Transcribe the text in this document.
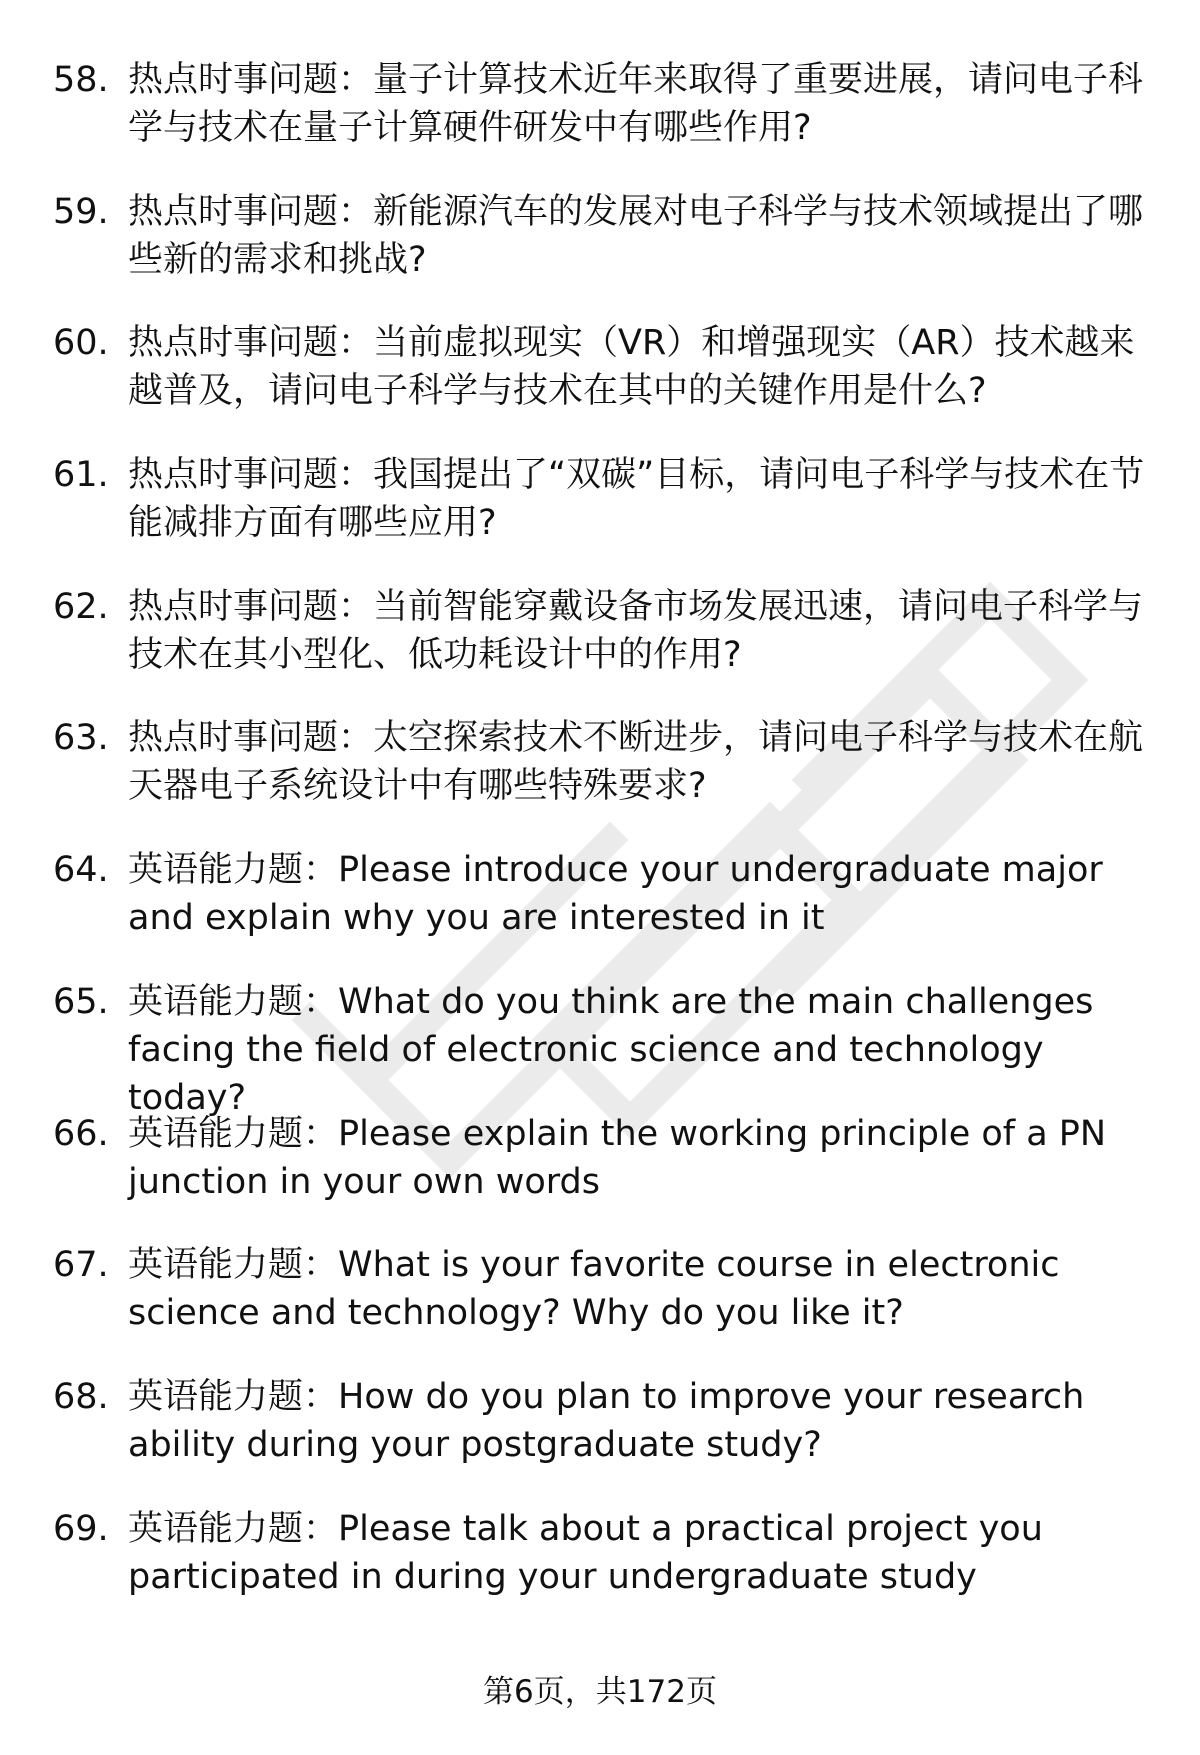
58. 热点时事问题：量子计算技术近年来取得了重要进展，请问电子科学与技术在量子计算硬件研发中有哪些作用?
59. 热点时事问题：新能源汽车的发展对电子科学与技术领域提出了哪些新的需求和挑战?
60. 热点时事问题：当前虚拟现实（VR）和增强现实（AR）技术越来越普及，请问电子科学与技术在其中的关键作用是什么?
61. 热点时事问题：我国提出了“双碳”目标，请问电子科学与技术在节能减排方面有哪些应用?
62. 热点时事问题：当前智能穿戴设备市场发展迅速，请问电子科学与技术在其小型化、低功耗设计中的作用?
63. 热点时事问题：太空探索技术不断进步，请问电子科学与技术在航天器电子系统设计中有哪些特殊要求?
64. 英语能力题：Please introduce your undergraduate major and explain why you are interested in it
65. 英语能力题：What do you think are the main challenges facing the field of electronic science and technology today?
66. 英语能力题：Please explain the working principle of a PN junction in your own words
67. 英语能力题：What is your favorite course in electronic science and technology? Why do you like it?
68. 英语能力题：How do you plan to improve your research ability during your postgraduate study?
69. 英语能力题：Please talk about a practical project you participated in during your undergraduate study
第6页，共172页
